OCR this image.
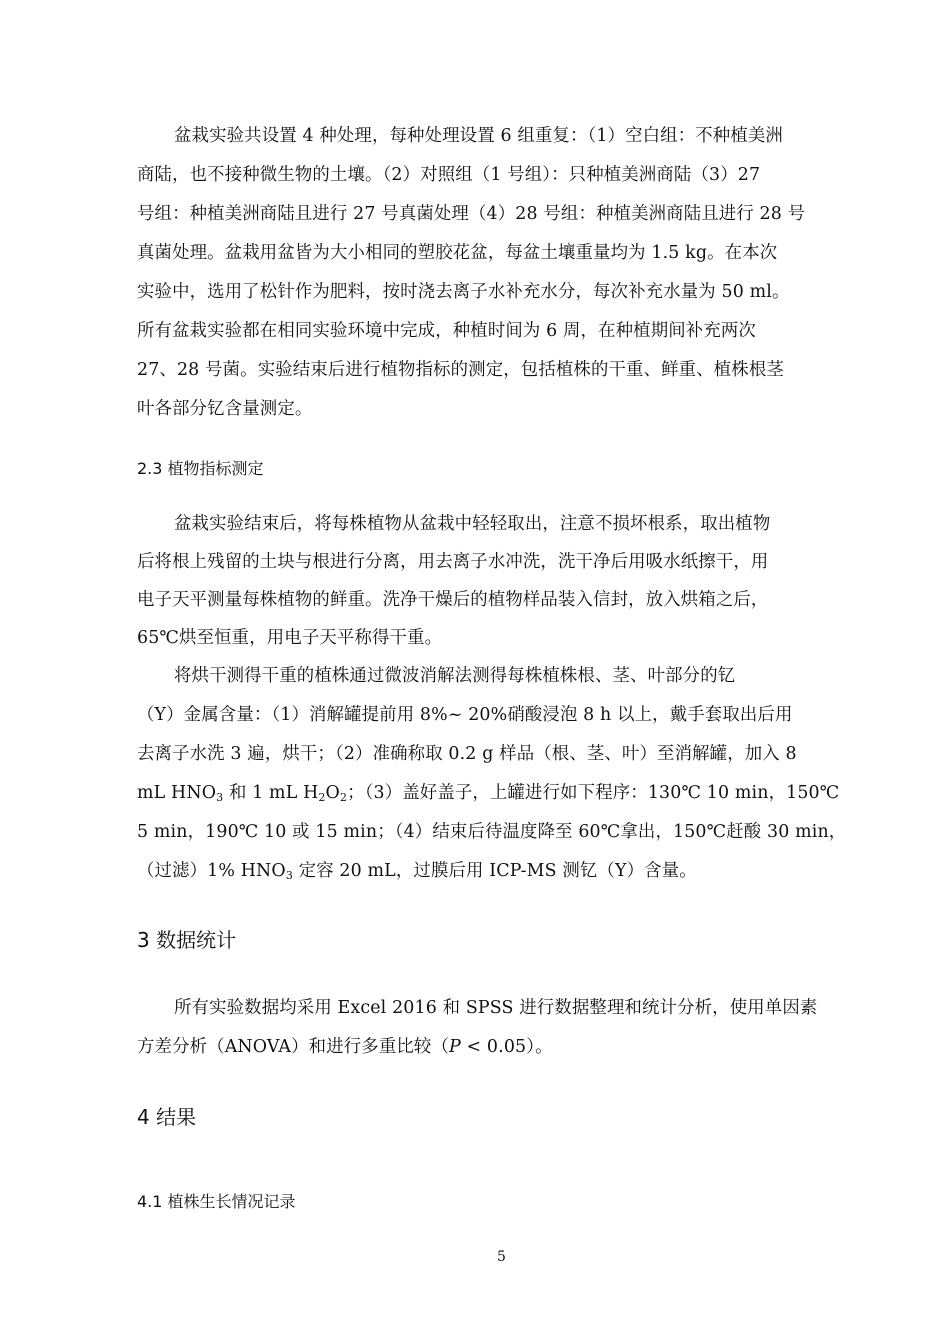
盆栽实验共设置 4 种处理，每种处理设置 6 组重复：（1）空白组：不种植美洲
商陆，也不接种微生物的土壤。（2）对照组（1 号组）：只种植美洲商陆（3）27
号组：种植美洲商陆且进行 27 号真菌处理（4）28 号组：种植美洲商陆且进行 28 号
真菌处理。盆栽用盆皆为大小相同的塑胶花盆，每盆土壤重量均为 1.5 kg。在本次
实验中，选用了松针作为肥料，按时浇去离子水补充水分，每次补充水量为 50 ml。
所有盆栽实验都在相同实验环境中完成，种植时间为 6 周，在种植期间补充两次
27、28 号菌。实验结束后进行植物指标的测定，包括植株的干重、鲜重、植株根茎
叶各部分钇含量测定。
2.3 植物指标测定
盆栽实验结束后，将每株植物从盆栽中轻轻取出，注意不损坏根系，取出植物
后将根上残留的土块与根进行分离，用去离子水冲洗，洗干净后用吸水纸擦干，用
电子天平测量每株植物的鲜重。洗净干燥后的植物样品装入信封，放入烘箱之后，
65℃烘至恒重，用电子天平称得干重。
将烘干测得干重的植株通过微波消解法测得每株植株根、茎、叶部分的钇
（Y）金属含量：（1）消解罐提前用 8%~ 20%硝酸浸泡 8 h 以上，戴手套取出后用
去离子水洗 3 遍，烘干；（2）准确称取 0.2 g 样品（根、茎、叶）至消解罐，加入 8
mL $HNO_3$ 和 1 mL $H_2O_2$；（3）盖好盖子，上罐进行如下程序：130℃ 10 min，150℃
5 min，190℃ 10 或 15 min；（4）结束后待温度降至 60℃拿出，150℃赶酸 30 min，
（过滤）1% $HNO_3$ 定容 20 mL，过膜后用 ICP-MS 测钇（Y）含量。
3 数据统计
所有实验数据均采用 Excel 2016 和 SPSS 进行数据整理和统计分析，使用单因素
方差分析（ANOVA）和进行多重比较（P < 0.05）。
4 结果
4.1 植株生长情况记录
5
